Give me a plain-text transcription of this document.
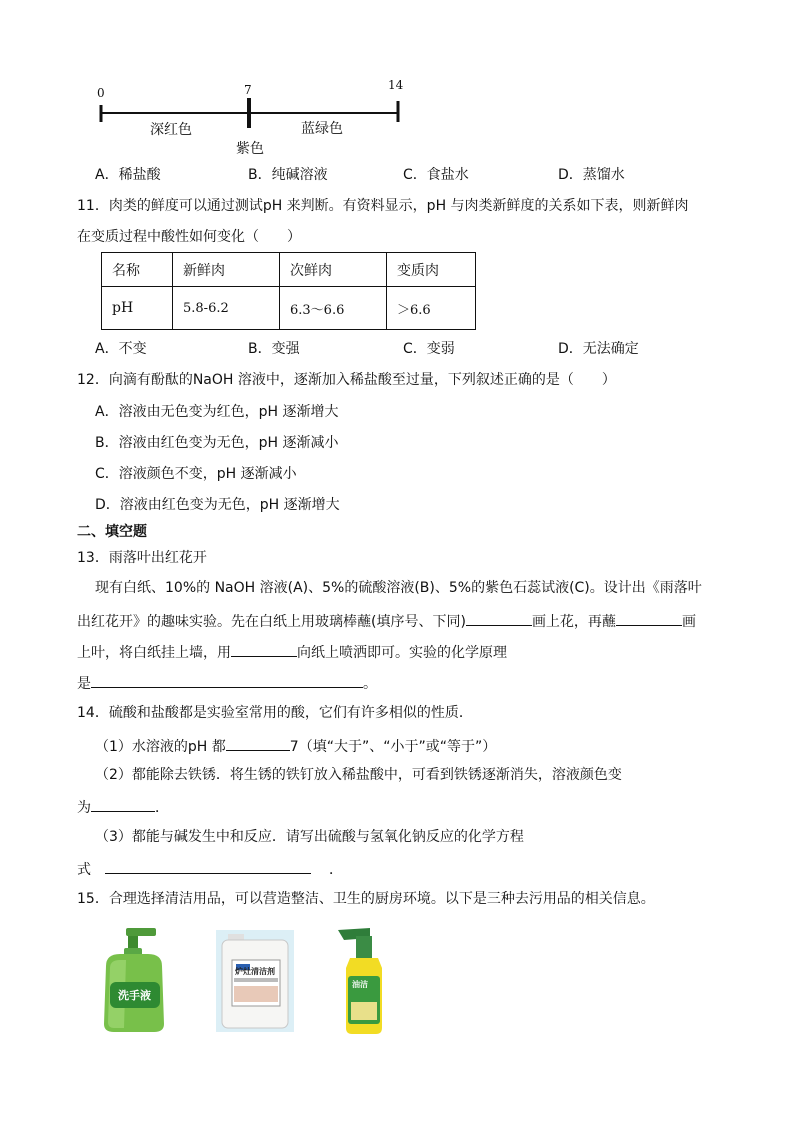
0	7	14
深红色
紫色
蓝绿色
A．稀盐酸	B．纯碱溶液	C．食盐水	D．蒸馏水
11．肉类的鲜度可以通过测试pH 来判断。有资料显示，pH 与肉类新鲜度的关系如下表，则新鲜肉
在变质过程中酸性如何变化（　　）
名称	新鲜肉	次鲜肉	变质肉
pH	5.8-6.2	6.3～6.6	＞6.6
A．不变	B．变强	C．变弱	D．无法确定
12．向滴有酚酞的NaOH 溶液中，逐渐加入稀盐酸至过量，下列叙述正确的是（　　）
A．溶液由无色变为红色，pH 逐渐增大
B．溶液由红色变为无色，pH 逐渐减小
C．溶液颜色不变，pH 逐渐减小
D．溶液由红色变为无色，pH 逐渐增大
二、填空题
13．雨落叶出红花开
现有白纸、10%的 NaOH 溶液(A)、5%的硫酸溶液(B)、5%的紫色石蕊试液(C)。设计出《雨落叶
出红花开》的趣味实验。先在白纸上用玻璃棒蘸(填序号、下同)	画上花，再蘸	画
上叶，将白纸挂上墙，用	向纸上喷洒即可。实验的化学原理
是	。
14．硫酸和盐酸都是实验室常用的酸，它们有许多相似的性质．
（1）水溶液的pH 都	7（填“大于”、“小于”或“等于”）
（2）都能除去铁锈．将生锈的铁钉放入稀盐酸中，可看到铁锈逐渐消失，溶液颜色变
为	．
（3）都能与碱发生中和反应．请写出硫酸与氢氧化钠反应的化学方程
式	．
15．合理选择清洁用品，可以营造整洁、卫生的厨房环境。以下是三种去污用品的相关信息。
洗手液
炉灶清洁剂
油洁
